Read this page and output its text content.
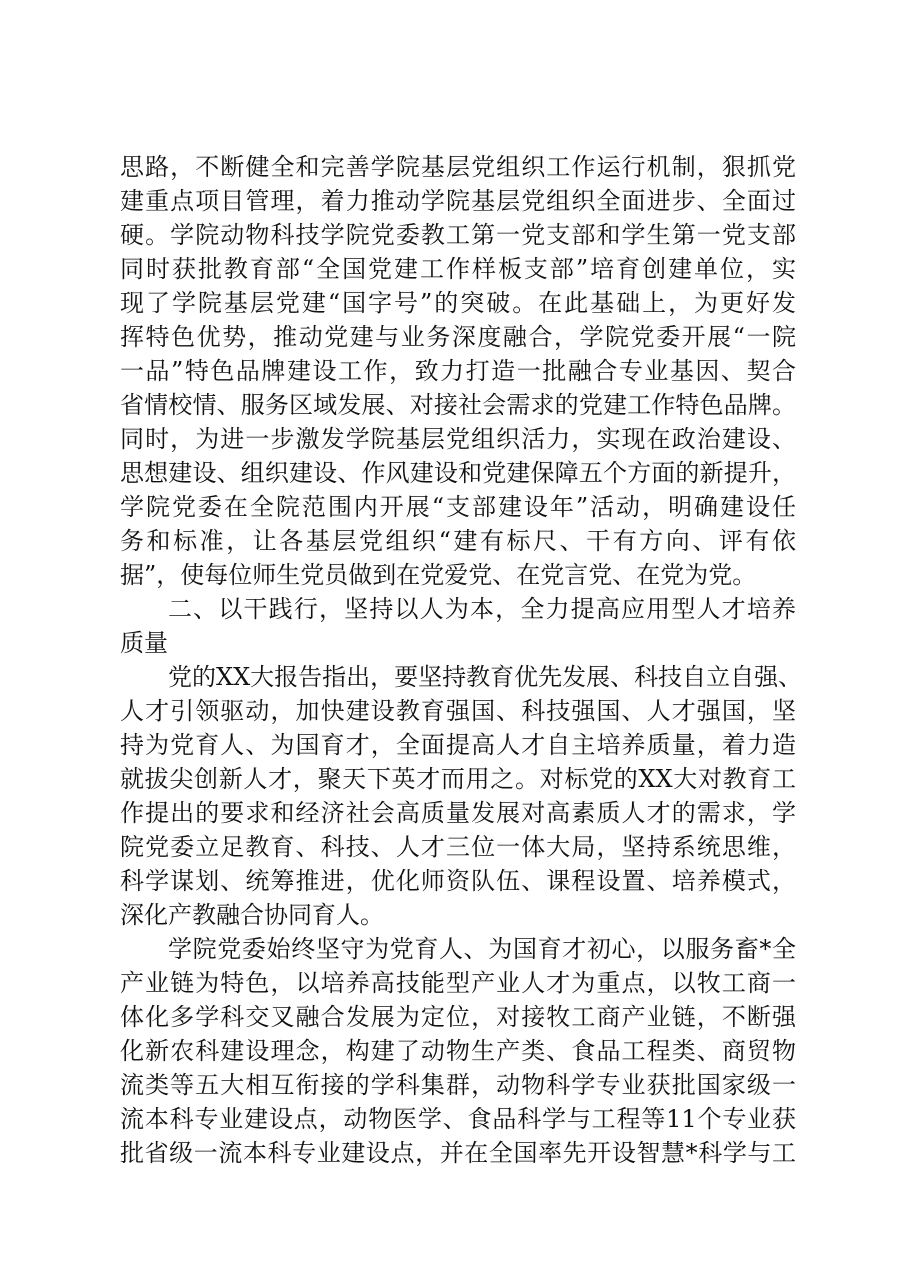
思路，不断健全和完善学院基层党组织工作运行机制，狠抓党
建重点项目管理，着力推动学院基层党组织全面进步、全面过
硬。学院动物科技学院党委教工第一党支部和学生第一党支部
同时获批教育部“全国党建工作样板支部”培育创建单位，实
现了学院基层党建“国字号”的突破。在此基础上，为更好发
挥特色优势，推动党建与业务深度融合，学院党委开展“一院
一品”特色品牌建设工作，致力打造一批融合专业基因、契合
省情校情、服务区域发展、对接社会需求的党建工作特色品牌。
同时，为进一步激发学院基层党组织活力，实现在政治建设、
思想建设、组织建设、作风建设和党建保障五个方面的新提升，
学院党委在全院范围内开展“支部建设年”活动，明确建设任
务和标准，让各基层党组织“建有标尺、干有方向、评有依
据”，使每位师生党员做到在党爱党、在党言党、在党为党。
二、以干践行，坚持以人为本，全力提高应用型人才培养
质量
党的XX大报告指出，要坚持教育优先发展、科技自立自强、
人才引领驱动，加快建设教育强国、科技强国、人才强国，坚
持为党育人、为国育才，全面提高人才自主培养质量，着力造
就拔尖创新人才，聚天下英才而用之。对标党的XX大对教育工
作提出的要求和经济社会高质量发展对高素质人才的需求，学
院党委立足教育、科技、人才三位一体大局，坚持系统思维，
科学谋划、统筹推进，优化师资队伍、课程设置、培养模式，
深化产教融合协同育人。
学院党委始终坚守为党育人、为国育才初心，以服务畜*全
产业链为特色，以培养高技能型产业人才为重点，以牧工商一
体化多学科交叉融合发展为定位，对接牧工商产业链，不断强
化新农科建设理念，构建了动物生产类、食品工程类、商贸物
流类等五大相互衔接的学科集群，动物科学专业获批国家级一
流本科专业建设点，动物医学、食品科学与工程等11个专业获
批省级一流本科专业建设点，并在全国率先开设智慧*科学与工
